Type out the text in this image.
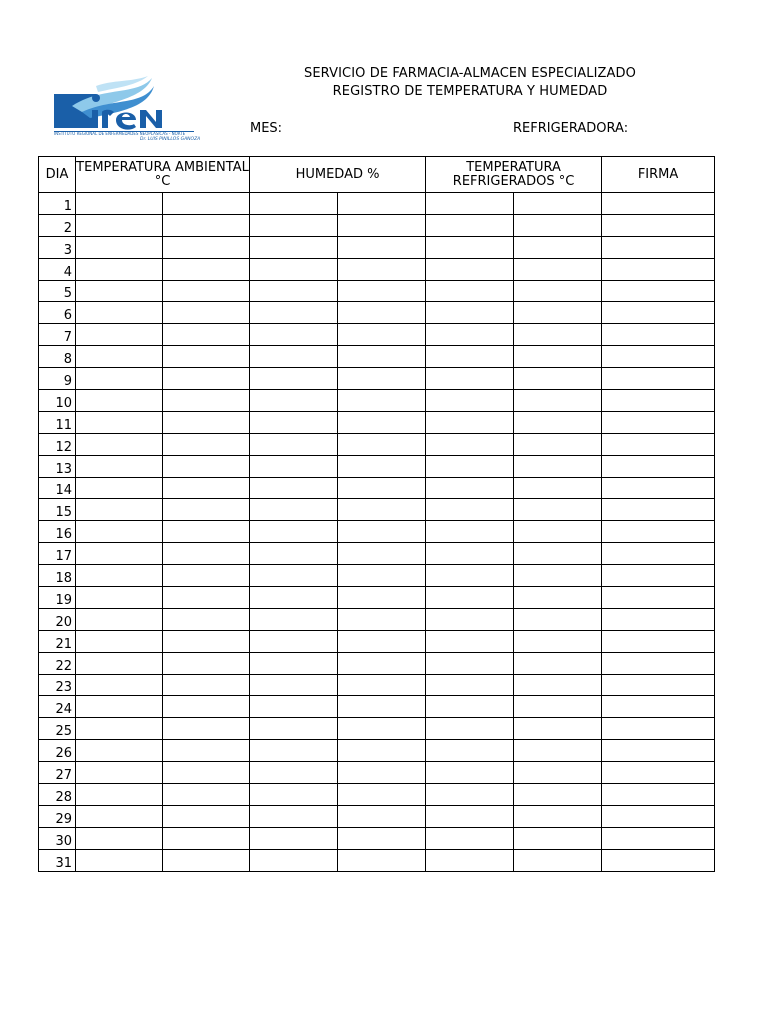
INSTITUTO REGIONAL DE ENFERMEDADES NEOPLASICAS - NORTE
Dr. LUIS PINILLOS GANOZA
SERVICIO DE FARMACIA-ALMACEN ESPECIALIZADO
REGISTRO DE TEMPERATURA Y HUMEDAD
MES:	REFRIGERADORA:
DIA	TEMPERATURA AMBIENTAL °C		HUMEDAD %		TEMPERATURA REFRIGERADOS °C		FIRMA
1							
2							
3							
4							
5							
6							
7							
8							
9							
10							
11							
12							
13							
14							
15							
16							
17							
18							
19							
20							
21							
22							
23							
24							
25							
26							
27							
28							
29							
30							
31							
